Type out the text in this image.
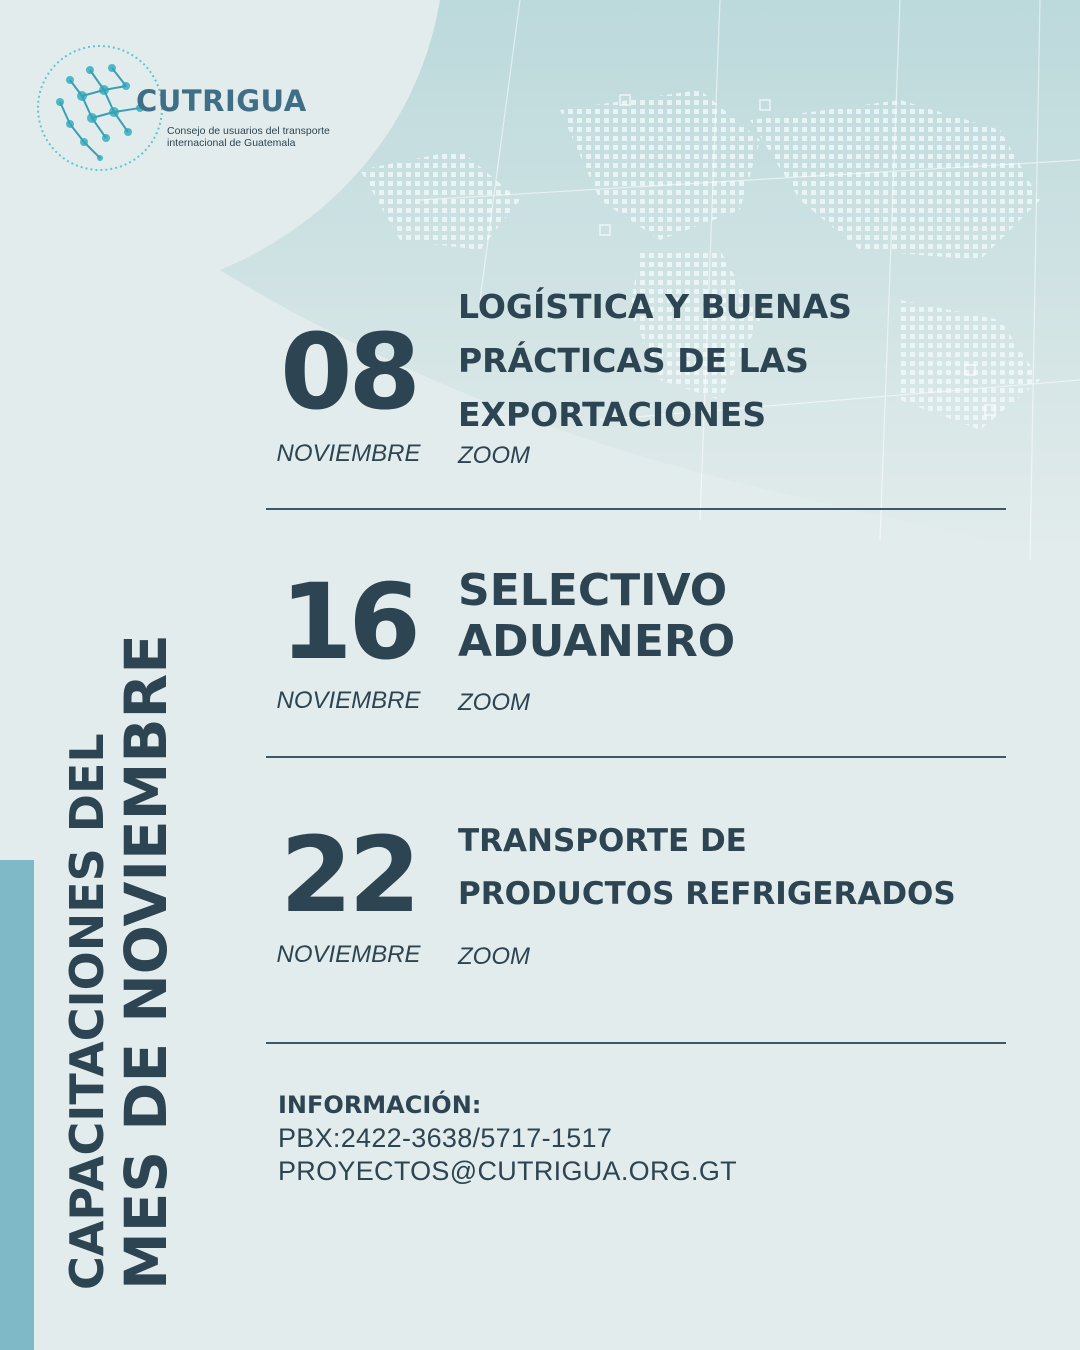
CUTRIGUA
Consejo de usuarios del transporte
internacional de Guatemala
CAPACITACIONES DEL
MES DE NOVIEMBRE
08
NOVIEMBRE
LOGÍSTICA Y BUENAS
PRÁCTICAS DE LAS
EXPORTACIONES
ZOOM
16
NOVIEMBRE
SELECTIVO
ADUANERO
ZOOM
22
NOVIEMBRE
TRANSPORTE DE
PRODUCTOS REFRIGERADOS
ZOOM
INFORMACIÓN:
PBX:2422-3638/5717-1517
PROYECTOS@CUTRIGUA.ORG.GT
